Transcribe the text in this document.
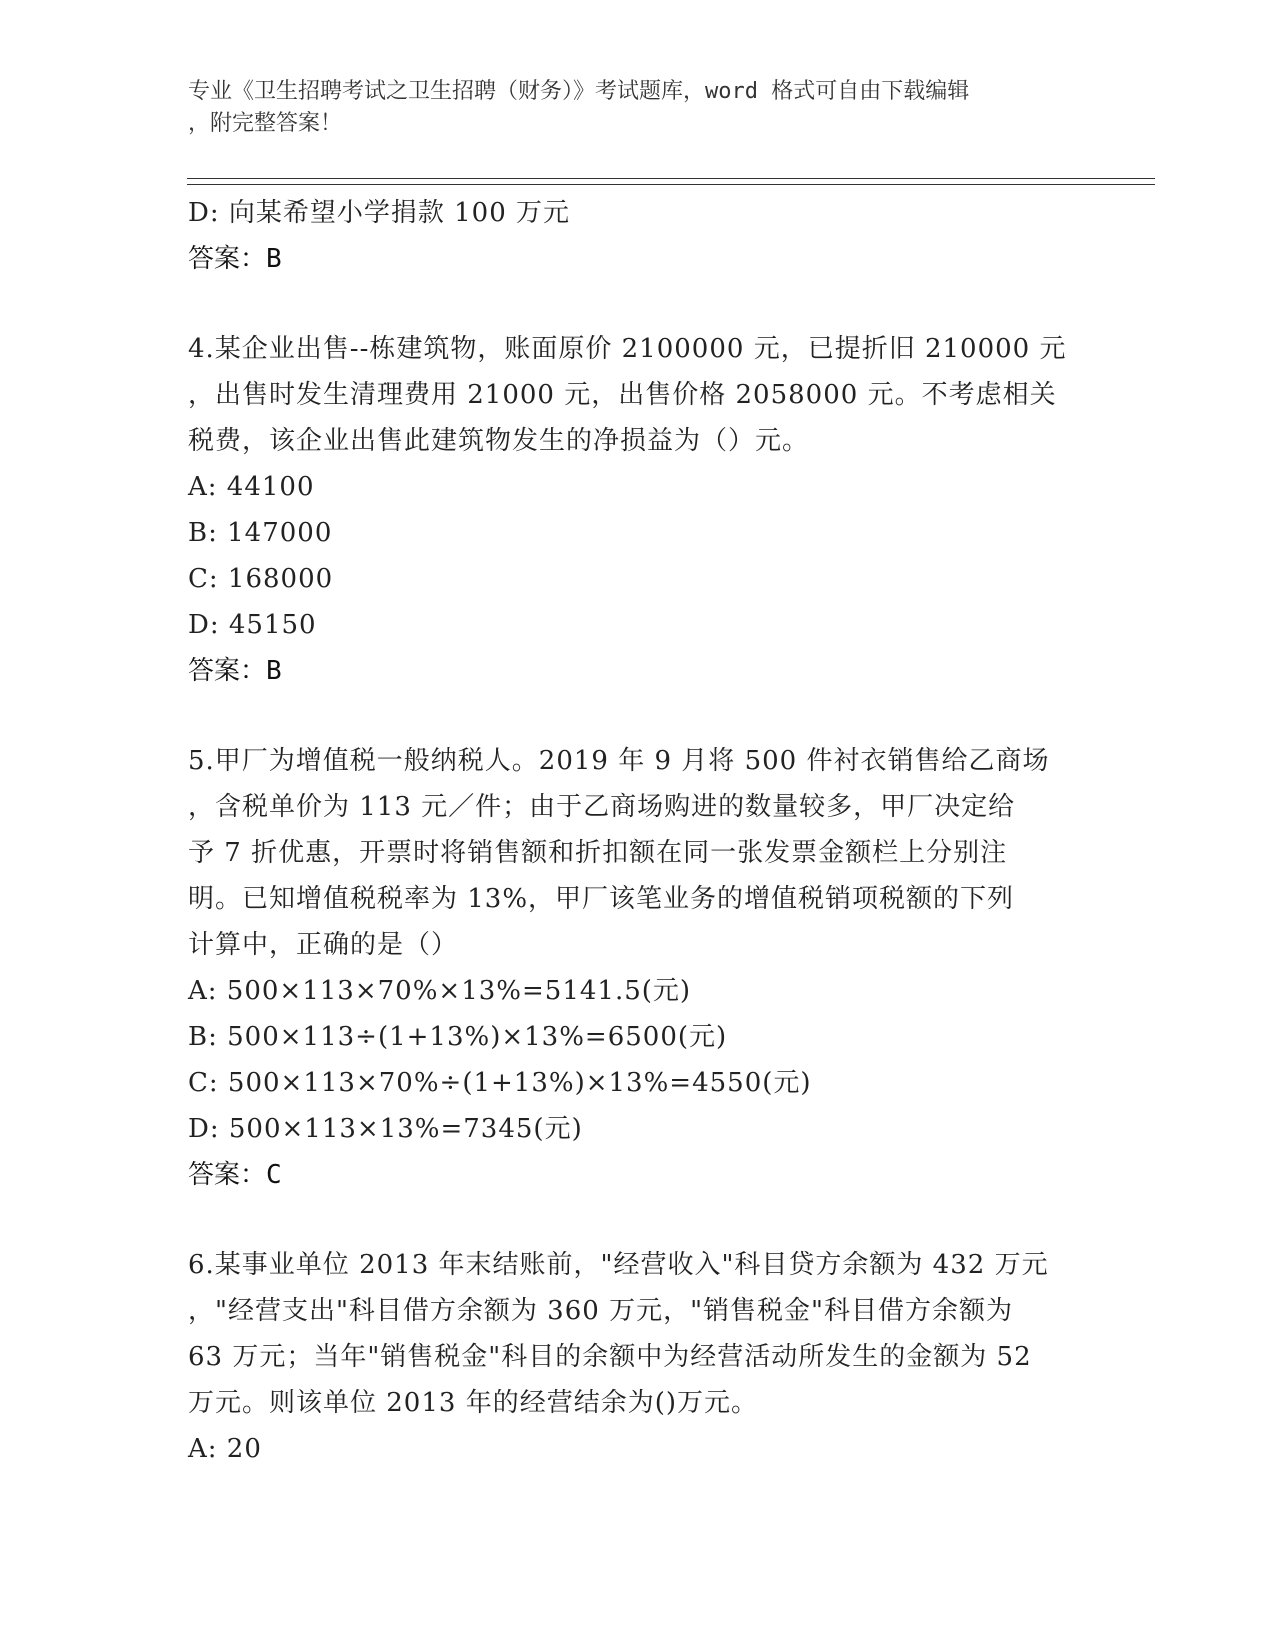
专业《卫生招聘考试之卫生招聘（财务）》考试题库，word 格式可自由下载编辑
，附完整答案！
D: 向某希望小学捐款 100 万元
答案：B
4.某企业出售--栋建筑物，账面原价 2100000 元，已提折旧 210000 元
，出售时发生清理费用 21000 元，出售价格 2058000 元。不考虑相关
税费，该企业出售此建筑物发生的净损益为（）元。
A: 44100
B: 147000
C: 168000
D: 45150
答案：B
5.甲厂为增值税一般纳税人。2019 年 9 月将 500 件衬衣销售给乙商场
，含税单价为 113 元／件；由于乙商场购进的数量较多，甲厂决定给
予 7 折优惠，开票时将销售额和折扣额在同一张发票金额栏上分别注
明。已知增值税税率为 13%，甲厂该笔业务的增值税销项税额的下列
计算中，正确的是（）
A: 500×113×70%×13%=5141.5(元)
B: 500×113÷(1+13%)×13%=6500(元)
C: 500×113×70%÷(1+13%)×13%=4550(元)
D: 500×113×13%=7345(元)
答案：C
6.某事业单位 2013 年末结账前，"经营收入"科目贷方余额为 432 万元
，"经营支出"科目借方余额为 360 万元，"销售税金"科目借方余额为
63 万元；当年"销售税金"科目的余额中为经营活动所发生的金额为 52
万元。则该单位 2013 年的经营结余为()万元。
A: 20
